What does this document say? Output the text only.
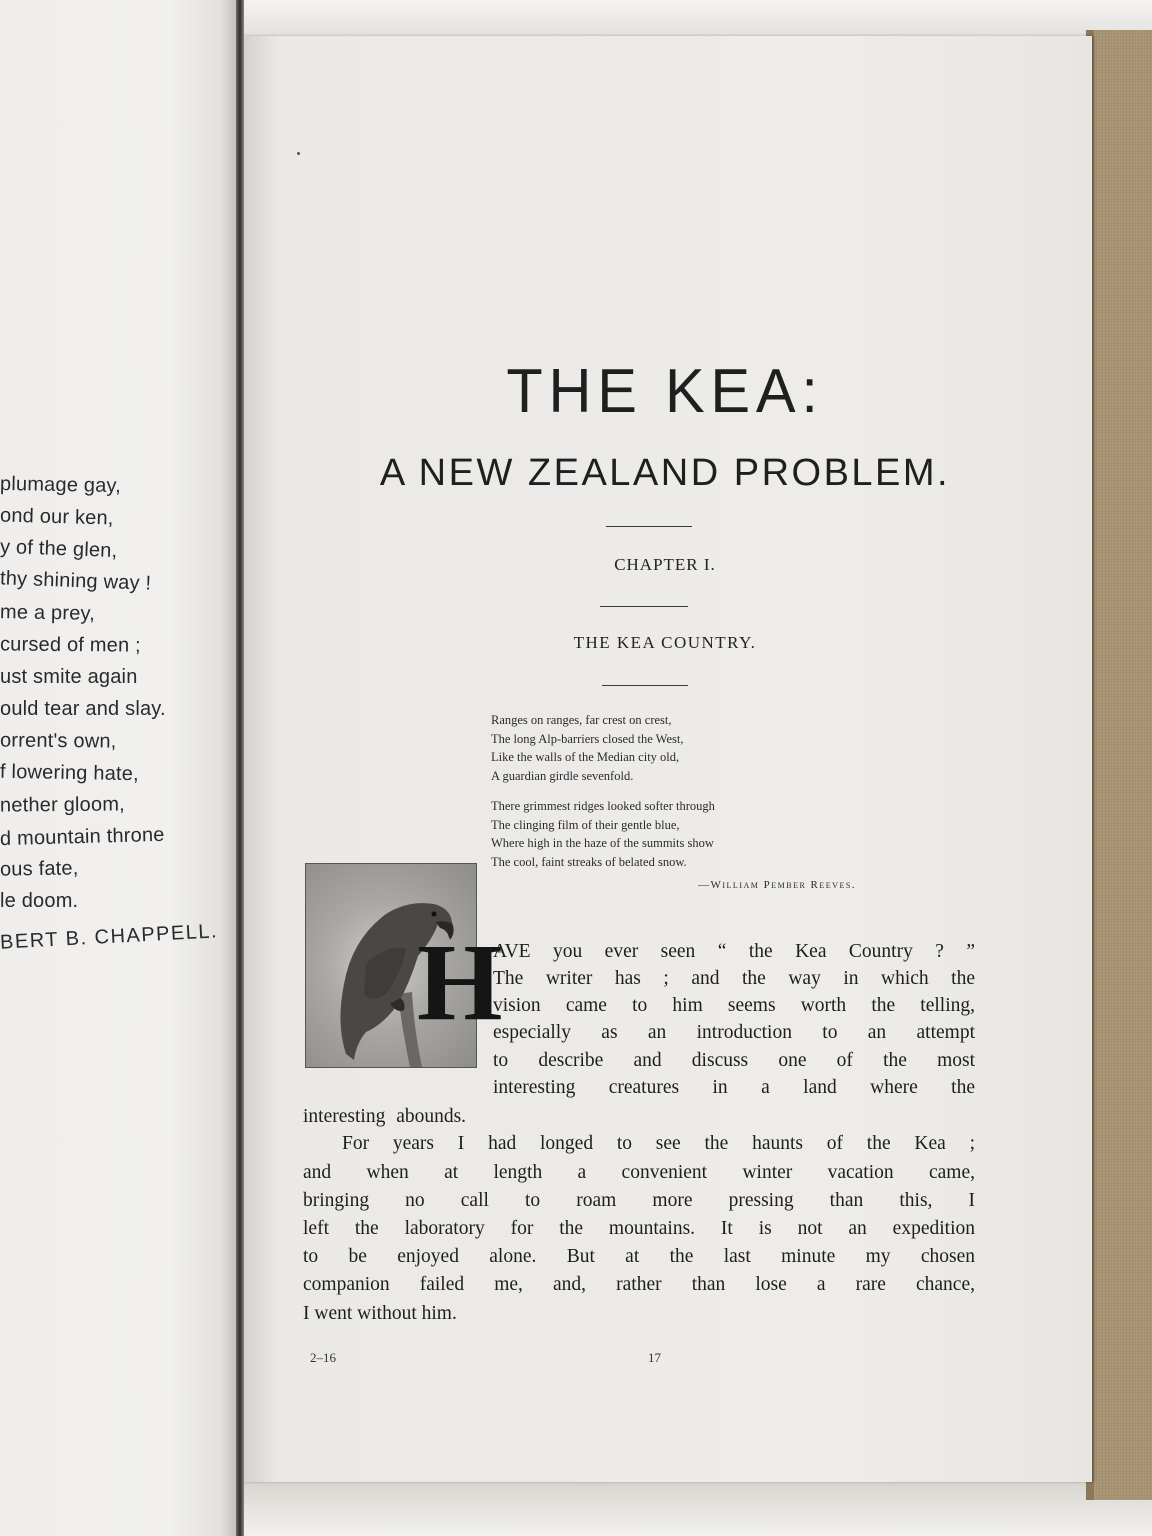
THE KEA:
A NEW ZEALAND PROBLEM.
CHAPTER I.
THE KEA COUNTRY.
Ranges on ranges, far crest on crest,
The long Alp-barriers closed the West,
Like the walls of the Median city old,
A guardian girdle sevenfold.
There grimmest ridges looked softer through
The clinging film of their gentle blue,
Where high in the haze of the summits show
The cool, faint streaks of belated snow.
—William Pember Reeves.
H
AVE you ever seen “ the Kea Country ? ”
The writer has ; and the way in which the
vision came to him seems worth the telling,
especially as an introduction to an attempt
to describe and discuss one of the most
interesting creatures in a land where the
interesting abounds.
For years I had longed to see the haunts of the Kea ;
and when at length a convenient winter vacation came,
bringing no call to roam more pressing than this, I
left the laboratory for the mountains. It is not an expedition
to be enjoyed alone. But at the last minute my chosen
companion failed me, and, rather than lose a rare chance,
I went without him.
2–16	17
plumage gay,
ond our ken,
y of the glen,
thy shining way !
me a prey,
cursed of men ;
ust smite again
ould tear and slay.
orrent's own,
f lowering hate,
nether gloom,
d mountain throne
ous fate,
le doom.
BERT B. CHAPPELL.
